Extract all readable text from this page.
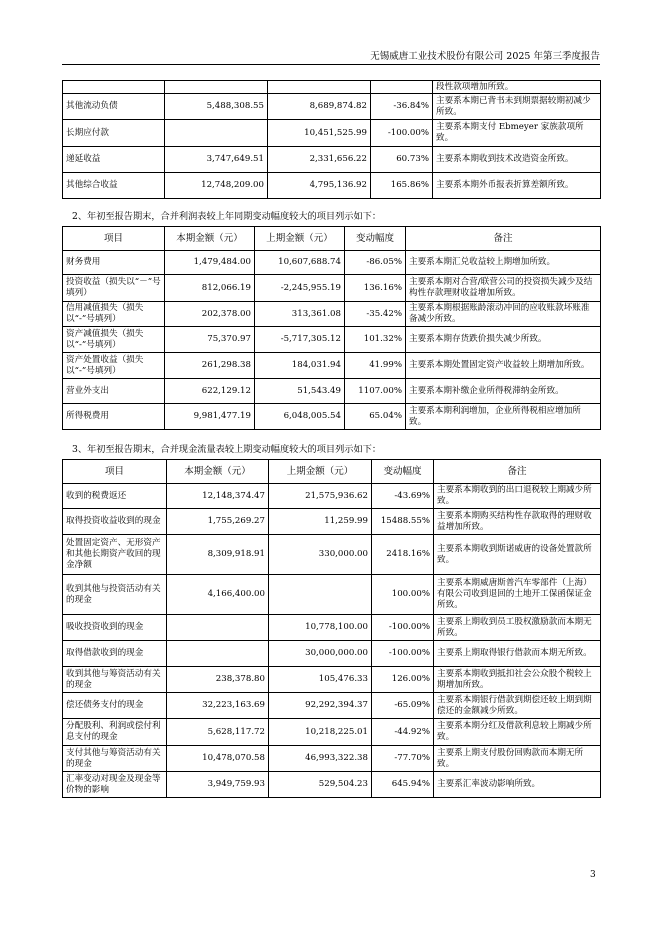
无锡威唐工业技术股份有限公司 2025 年第三季度报告
				段性款项增加所致。
其他流动负债	5,488,308.55	8,689,874.82	-36.84%	主要系本期已背书未到期票据较期初减少所致。
长期应付款		10,451,525.99	-100.00%	主要系本期支付 Ebmeyer 家族款项所致。
递延收益	3,747,649.51	2,331,656.22	60.73%	主要系本期收到技术改造资金所致。
其他综合收益	12,748,209.00	4,795,136.92	165.86%	主要系本期外币报表折算差额所致。
2、年初至报告期末，合并利润表较上年同期变动幅度较大的项目列示如下：
项目	本期金额（元）	上期金额（元）	变动幅度	备注
财务费用	1,479,484.00	10,607,688.74	-86.05%	主要系本期汇兑收益较上期增加所致。
投资收益（损失以“－”号填列）	812,066.19	-2,245,955.19	136.16%	主要系本期对合营/联营公司的投资损失减少及结构性存款理财收益增加所致。
信用减值损失（损失以“-”号填列）	202,378.00	313,361.08	-35.42%	主要系本期根据账龄滚动冲回的应收账款坏账准备减少所致。
资产减值损失（损失以“-”号填列）	75,370.97	-5,717,305.12	101.32%	主要系本期存货跌价损失减少所致。
资产处置收益（损失以“-”号填列）	261,298.38	184,031.94	41.99%	主要系本期处置固定资产收益较上期增加所致。
营业外支出	622,129.12	51,543.49	1107.00%	主要系本期补缴企业所得税滞纳金所致。
所得税费用	9,981,477.19	6,048,005.54	65.04%	主要系本期利润增加，企业所得税相应增加所致。
3、年初至报告期末，合并现金流量表较上期变动幅度较大的项目列示如下：
项目	本期金额（元）	上期金额（元）	变动幅度	备注
收到的税费返还	12,148,374.47	21,575,936.62	-43.69%	主要系本期收到的出口退税较上期减少所致。
取得投资收益收到的现金	1,755,269.27	11,259.99	15488.55%	主要系本期购买结构性存款取得的理财收益增加所致。
处置固定资产、无形资产和其他长期资产收回的现金净额	8,309,918.91	330,000.00	2418.16%	主要系本期收到斯诺威唐的设备处置款所致。
收到其他与投资活动有关的现金	4,166,400.00		100.00%	主要系本期威唐斯普汽车零部件（上海）有限公司收到退回的土地开工保函保证金所致。
吸收投资收到的现金		10,778,100.00	-100.00%	主要系上期收到员工股权激励款而本期无所致。
取得借款收到的现金		30,000,000.00	-100.00%	主要系上期取得银行借款而本期无所致。
收到其他与筹资活动有关的现金	238,378.80	105,476.33	126.00%	主要系本期收到抵扣社会公众股个税较上期增加所致。
偿还债务支付的现金	32,223,163.69	92,292,394.37	-65.09%	主要系本期银行借款到期偿还较上期到期偿还的金额减少所致。
分配股利、利润或偿付利息支付的现金	5,628,117.72	10,218,225.01	-44.92%	主要系本期分红及借款利息较上期减少所致。
支付其他与筹资活动有关的现金	10,478,070.58	46,993,322.38	-77.70%	主要系上期支付股份回购款而本期无所致。
汇率变动对现金及现金等价物的影响	3,949,759.93	529,504.23	645.94%	主要系汇率波动影响所致。
3
